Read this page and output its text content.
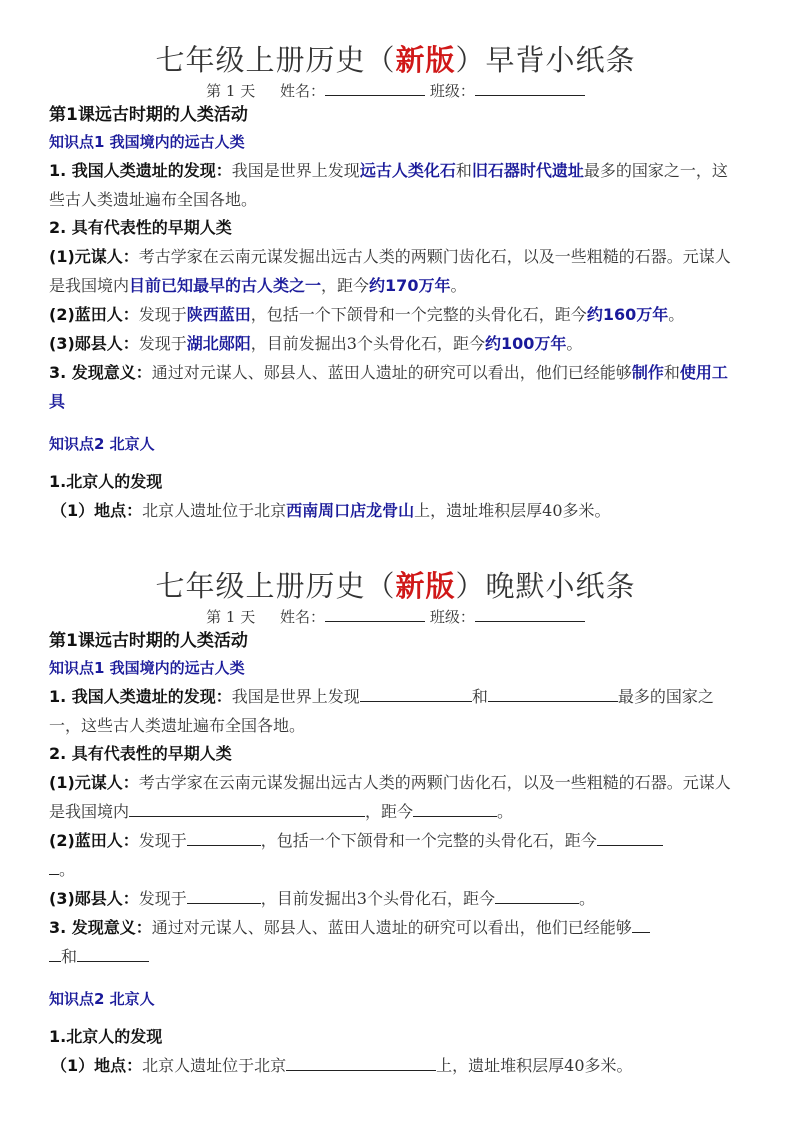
七年级上册历史（新版）早背小纸条
第 1 天 姓名：	班级：
第1课远古时期的人类活动
知识点1 我国境内的远古人类
1. 我国人类遗址的发现：我国是世界上发现远古人类化石和旧石器时代遗址最多的国家之一，这些古人类遗址遍布全国各地。
2. 具有代表性的早期人类
(1)元谋人：考古学家在云南元谋发掘出远古人类的两颗门齿化石，以及一些粗糙的石器。元谋人是我国境内目前已知最早的古人类之一，距今约170万年。
(2)蓝田人：发现于陕西蓝田，包括一个下颌骨和一个完整的头骨化石，距今约160万年。
(3)郧县人：发现于湖北郧阳，目前发掘出3个头骨化石，距今约100万年。
3. 发现意义：通过对元谋人、郧县人、蓝田人遗址的研究可以看出，他们已经能够制作和使用工具
知识点2 北京人
1.北京人的发现
（1）地点：北京人遗址位于北京西南周口店龙骨山上，遗址堆积层厚40多米。
七年级上册历史（新版）晚默小纸条
第 1 天 姓名：	班级：
第1课远古时期的人类活动
知识点1 我国境内的远古人类
1. 我国人类遗址的发现：我国是世界上发现	和	最多的国家之一，这些古人类遗址遍布全国各地。
2. 具有代表性的早期人类
(1)元谋人：考古学家在云南元谋发掘出远古人类的两颗门齿化石，以及一些粗糙的石器。元谋人是我国境内	，距今	。
(2)蓝田人：发现于	，包括一个下颌骨和一个完整的头骨化石，距今
。
(3)郧县人：发现于	，目前发掘出3个头骨化石，距今	。
3. 发现意义：通过对元谋人、郧县人、蓝田人遗址的研究可以看出，他们已经能够
和
知识点2 北京人
1.北京人的发现
（1）地点：北京人遗址位于北京	上，遗址堆积层厚40多米。
